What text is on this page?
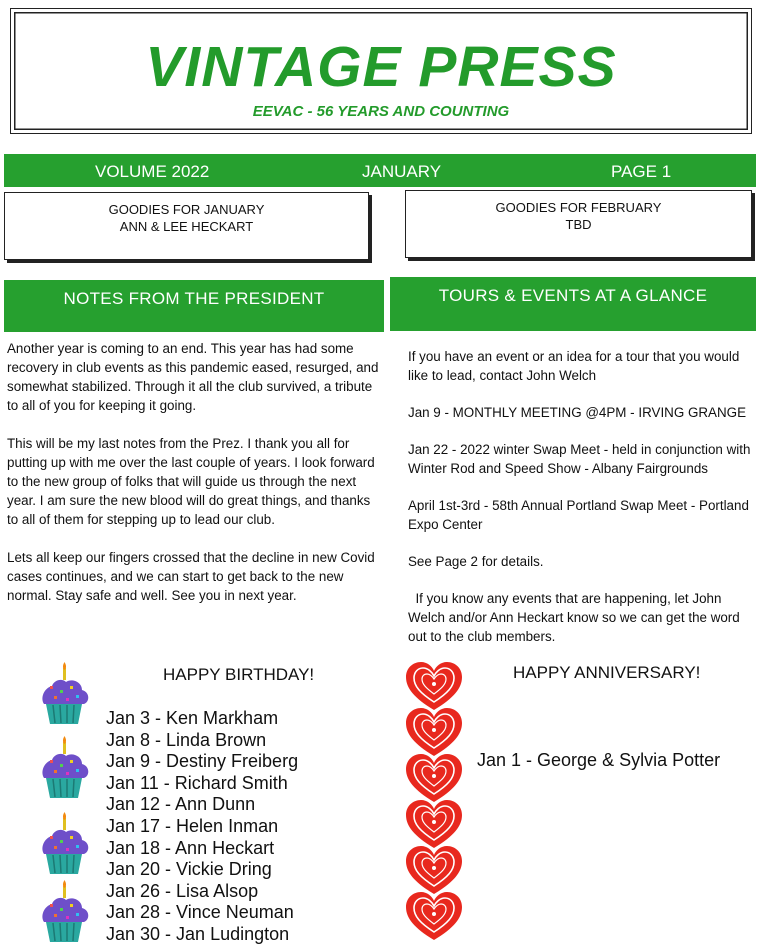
VINTAGE PRESS
EEVAC - 56 YEARS AND COUNTING
VOLUME 2022	JANUARY	PAGE 1
GOODIES FOR JANUARY
ANN & LEE HECKART
GOODIES FOR FEBRUARY
TBD
NOTES FROM THE PRESIDENT	TOURS & EVENTS AT A GLANCE

Another year is coming to an end. This year has had some recovery in club events as this pandemic eased, resurged, and somewhat stabilized. Through it all the club survived, a tribute to all of you for keeping it going.

This will be my last notes from the Prez. I thank you all for putting up with me over the last couple of years. I look forward to the new group of folks that will guide us through the next year. I am sure the new blood will do great things, and thanks to all of them for stepping up to lead our club.

Lets all keep our fingers crossed that the decline in new Covid cases continues, and we can start to get back to the new normal. Stay safe and well. See you in next year.

If you have an event or an idea for a tour that you would like to lead, contact John Welch

Jan 9 - MONTHLY MEETING @4PM - IRVING GRANGE

Jan 22 - 2022 winter Swap Meet - held in conjunction with Winter Rod and Speed Show - Albany Fairgrounds

April 1st-3rd - 58th Annual Portland Swap Meet - Portland Expo Center

See Page 2 for details.

If you know any events that are happening, let John Welch and/or Ann Heckart know so we can get the word out to the club members.

HAPPY BIRTHDAY!
Jan 3 - Ken Markham
Jan 8 - Linda Brown
Jan 9 - Destiny Freiberg
Jan 11 - Richard Smith
Jan 12 - Ann Dunn
Jan 17 - Helen Inman
Jan 18 - Ann Heckart
Jan 20 - Vickie Dring
Jan 26 - Lisa Alsop
Jan 28 - Vince Neuman
Jan 30 - Jan Ludington
HAPPY ANNIVERSARY!
Jan 1 - George & Sylvia Potter
